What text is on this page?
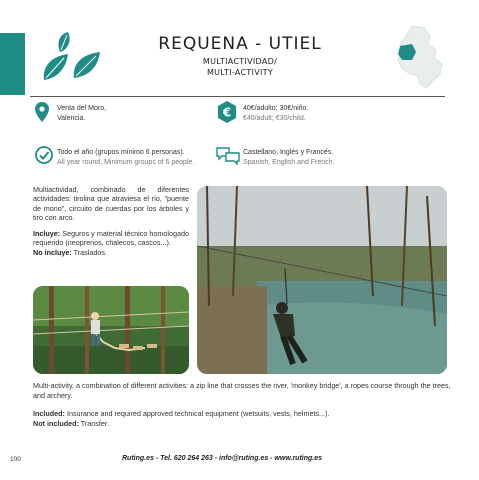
REQUENA - UTIEL
MULTIACTIVIDAD/
MULTI-ACTIVITY
Venta del Moro,
Valencia.	€ 40€/adulto; 30€/niño.
€40/adult; €30/child.
Todo el año (grupos mínimo 6 personas).
All year round. Minimum groups of 6 people.
Castellano, Inglés y Francés.
Spanish, English and French.

Multiactividad, combinado de diferentes actividades: tirolina que atraviesa el río, "puente de mono", circuito de cuerdas por los árboles y tiro con arco.

Incluye: Seguros y material técnico homologado requerido (neoprenos, chalecos, cascos...).

No incluye: Traslados.

Multi-activity, a combination of different activities: a zip line that crosses the river, 'monkey bridge', a ropes course through the trees, and archery.

Included: Insurance and required approved technical equipment (wetsuits, vests, helmets...).

Not included: Transfer.

100	Ruting.es - Tel. 620 264 263 - info@ruting.es - www.ruting.es
